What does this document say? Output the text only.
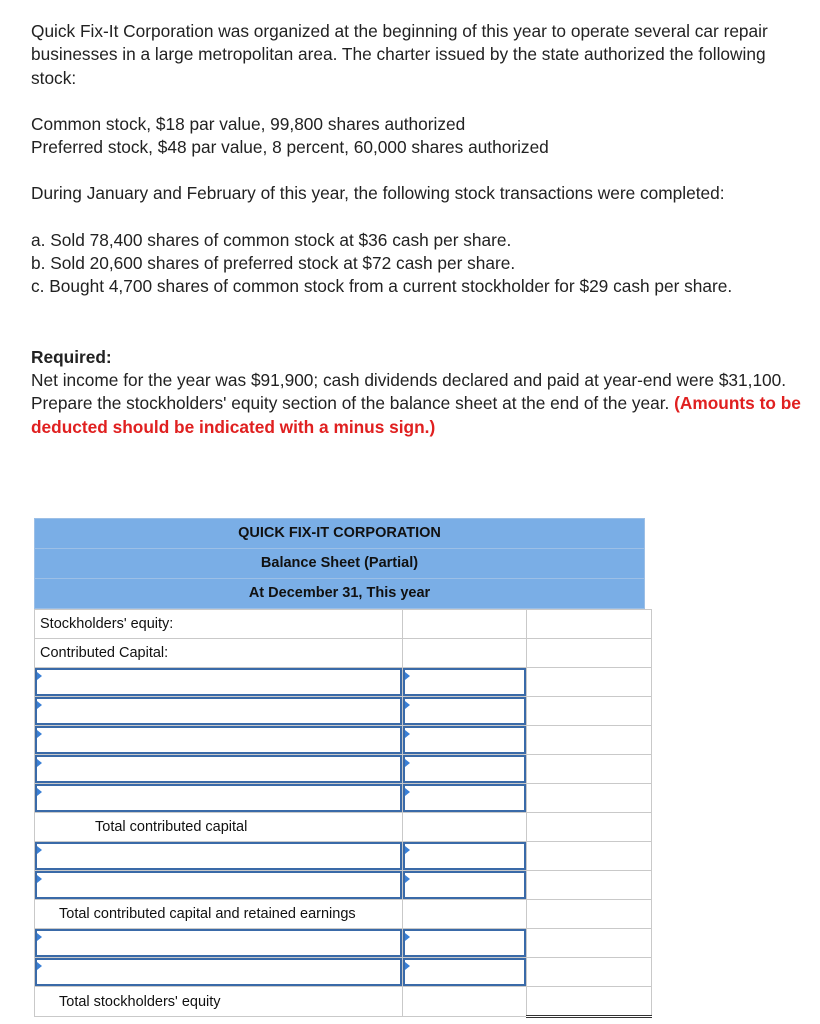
Quick Fix-It Corporation was organized at the beginning of this year to operate several car repair businesses in a large metropolitan area. The charter issued by the state authorized the following stock:

Common stock, $18 par value, 99,800 shares authorized

Preferred stock, $48 par value, 8 percent, 60,000 shares authorized

During January and February of this year, the following stock transactions were completed:

a. Sold 78,400 shares of common stock at $36 cash per share.

b. Sold 20,600 shares of preferred stock at $72 cash per share.

c. Bought 4,700 shares of common stock from a current stockholder for $29 cash per share.

Required:

Net income for the year was $91,900; cash dividends declared and paid at year-end were $31,100. Prepare the stockholders' equity section of the balance sheet at the end of the year. (Amounts to be deducted should be indicated with a minus sign.)

QUICK FIX-IT CORPORATION
Balance Sheet (Partial)
At December 31, This year
Stockholders' equity:		
Contributed Capital:		

Total contributed capital		

Total contributed capital and retained earnings		

Total stockholders' equity		
